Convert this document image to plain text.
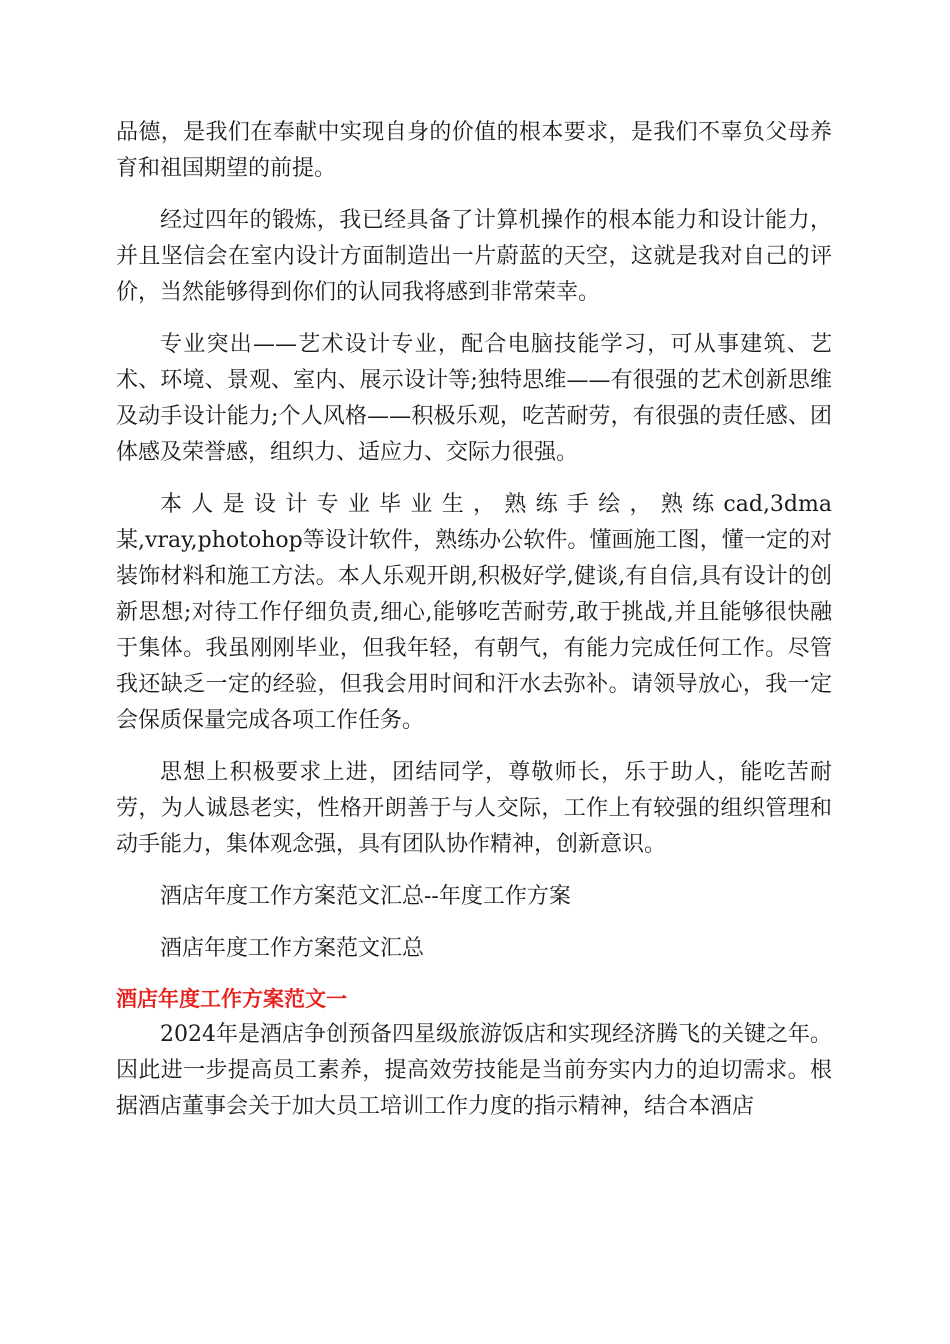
品德，是我们在奉献中实现自身的价值的根本要求，是我们不辜负父母养育和祖国期望的前提。

经过四年的锻炼，我已经具备了计算机操作的根本能力和设计能力，并且坚信会在室内设计方面制造出一片蔚蓝的天空，这就是我对自己的评价，当然能够得到你们的认同我将感到非常荣幸。

专业突出——艺术设计专业，配合电脑技能学习，可从事建筑、艺术、环境、景观、室内、展示设计等;独特思维——有很强的艺术创新思维及动手设计能力;个人风格——积极乐观，吃苦耐劳，有很强的责任感、团体感及荣誉感，组织力、适应力、交际力很强。

本人是设计专业毕业生，熟练手绘，熟练cad,3dma某,vray,photohop等设计软件，熟练办公软件。懂画施工图，懂一定的对装饰材料和施工方法。本人乐观开朗,积极好学,健谈,有自信,具有设计的创新思想;对待工作仔细负责,细心,能够吃苦耐劳,敢于挑战,并且能够很快融于集体。我虽刚刚毕业，但我年轻，有朝气，有能力完成任何工作。尽管我还缺乏一定的经验，但我会用时间和汗水去弥补。请领导放心，我一定会保质保量完成各项工作任务。

思想上积极要求上进，团结同学，尊敬师长，乐于助人，能吃苦耐劳，为人诚恳老实，性格开朗善于与人交际，工作上有较强的组织管理和动手能力，集体观念强，具有团队协作精神，创新意识。

酒店年度工作方案范文汇总--年度工作方案

酒店年度工作方案范文汇总

酒店年度工作方案范文一

2024年是酒店争创预备四星级旅游饭店和实现经济腾飞的关键之年。因此进一步提高员工素养，提高效劳技能是当前夯实内力的迫切需求。根据酒店董事会关于加大员工培训工作力度的指示精神，结合本酒店
